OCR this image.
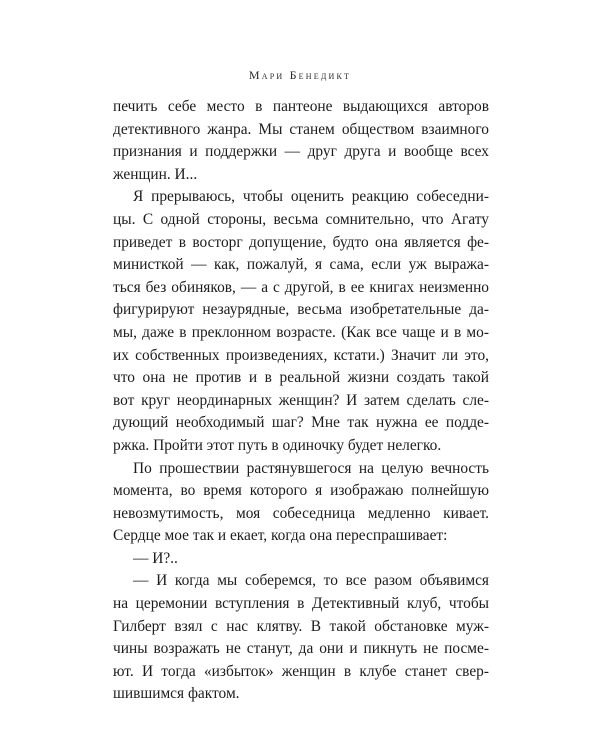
Мари Бенедикт
печить себе место в пантеоне выдающихся авторов
детективного жанра. Мы станем обществом взаимного
признания и поддержки — друг друга и вообще всех
женщин. И...
Я прерываюсь, чтобы оценить реакцию собеседни-
цы. С одной стороны, весьма сомнительно, что Агату
приведет в восторг допущение, будто она является фе-
министкой — как, пожалуй, я сама, если уж выража-
ться без обиняков, — а с другой, в ее книгах неизменно
фигурируют незаурядные, весьма изобретательные да-
мы, даже в преклонном возрасте. (Как все чаще и в мо-
их собственных произведениях, кстати.) Значит ли это,
что она не против и в реальной жизни создать такой
вот круг неординарных женщин? И затем сделать сле-
дующий необходимый шаг? Мне так нужна ее подде-
ржка. Пройти этот путь в одиночку будет нелегко.
По прошествии растянувшегося на целую вечность
момента, во время которого я изображаю полнейшую
невозмутимость, моя собеседница медленно кивает.
Сердце мое так и екает, когда она переспрашивает:
— И?..
— И когда мы соберемся, то все разом объявимся
на церемонии вступления в Детективный клуб, чтобы
Гилберт взял с нас клятву. В такой обстановке муж-
чины возражать не станут, да они и пикнуть не посме-
ют. И тогда «избыток» женщин в клубе станет свер-
шившимся фактом.
